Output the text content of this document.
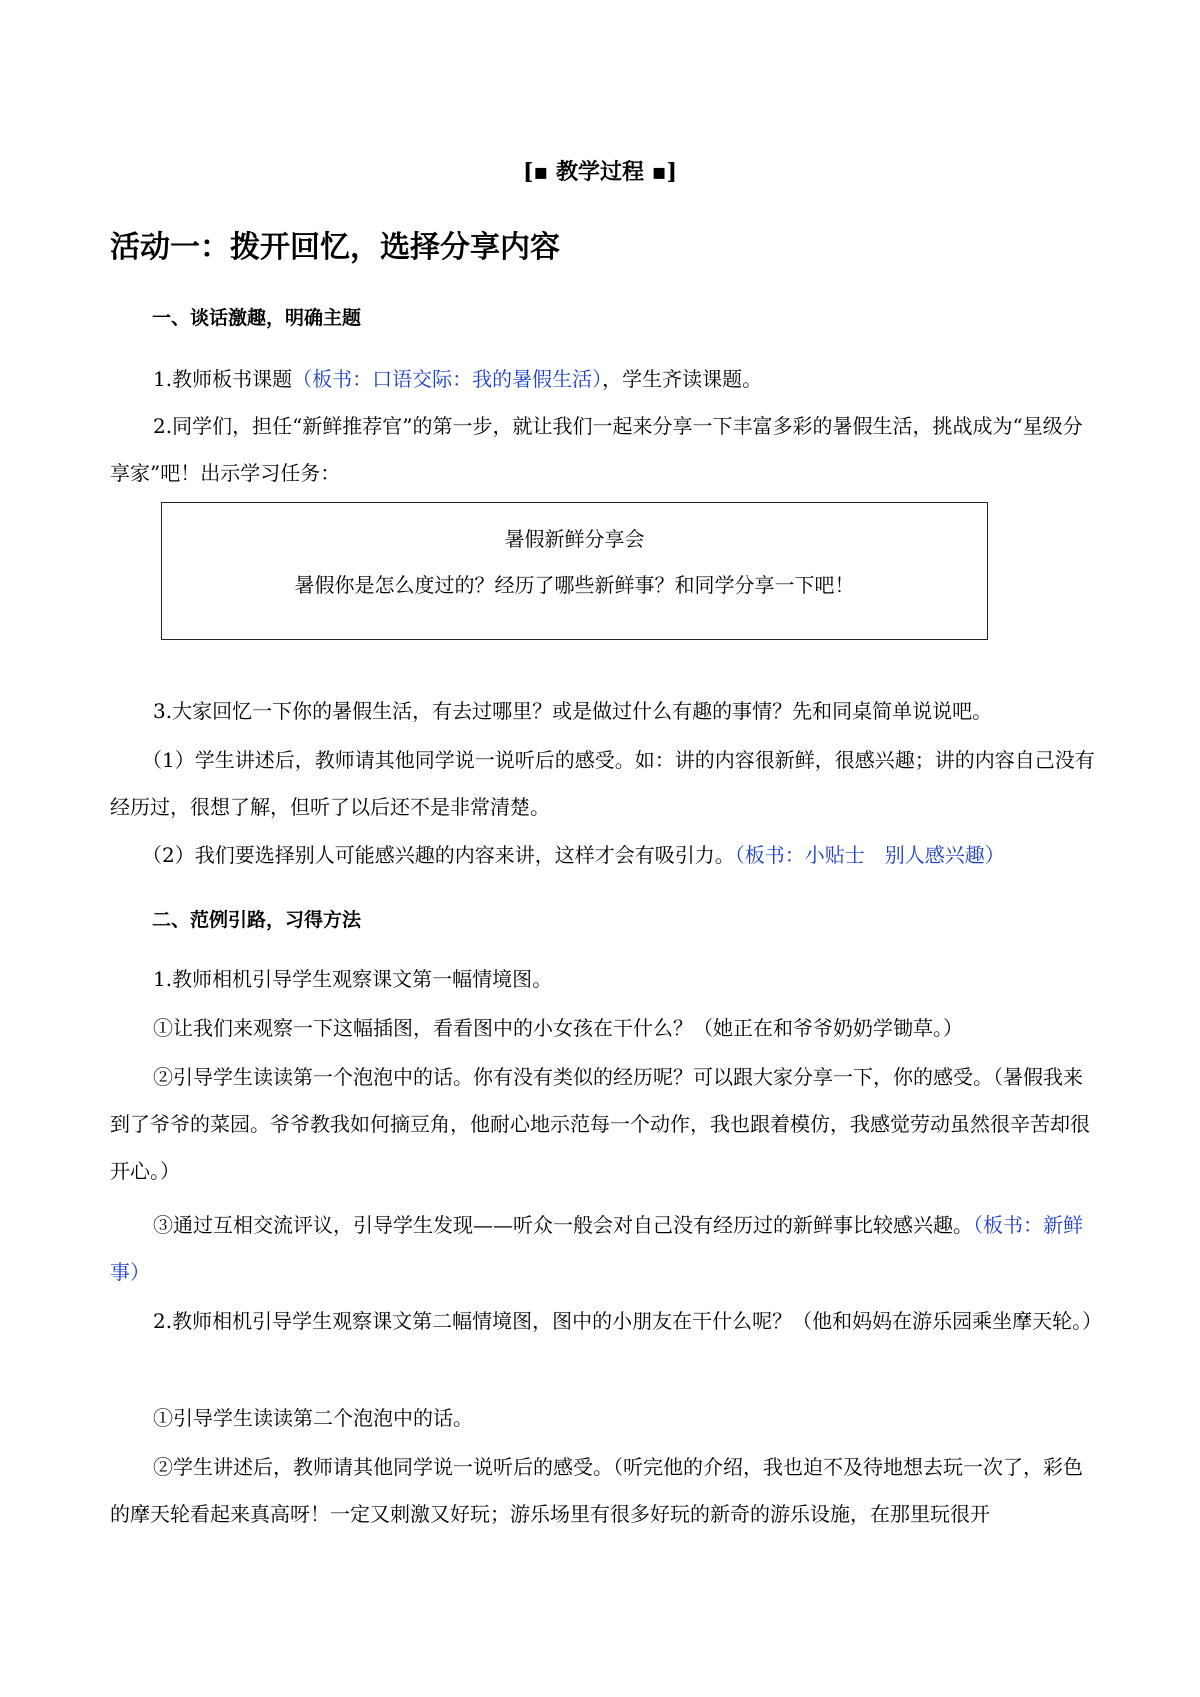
[▪ 教学过程 ▪]
活动一：拨开回忆，选择分享内容
一、谈话激趣，明确主题
1.教师板书课题（板书：口语交际：我的暑假生活），学生齐读课题。
2.同学们，担任“新鲜推荐官”的第一步，就让我们一起来分享一下丰富多彩的暑假生活，挑战成为“星级分享家”吧！出示学习任务：
暑假新鲜分享会
暑假你是怎么度过的？经历了哪些新鲜事？和同学分享一下吧！
3.大家回忆一下你的暑假生活，有去过哪里？或是做过什么有趣的事情？先和同桌简单说说吧。
（1）学生讲述后，教师请其他同学说一说听后的感受。如：讲的内容很新鲜，很感兴趣；讲的内容自己没有经历过，很想了解，但听了以后还不是非常清楚。
（2）我们要选择别人可能感兴趣的内容来讲，这样才会有吸引力。（板书：小贴士　别人感兴趣）
二、范例引路，习得方法
1.教师相机引导学生观察课文第一幅情境图。
①让我们来观察一下这幅插图，看看图中的小女孩在干什么？（她正在和爷爷奶奶学锄草。）
②引导学生读读第一个泡泡中的话。你有没有类似的经历呢？可以跟大家分享一下，你的感受。（暑假我来到了爷爷的菜园。爷爷教我如何摘豆角，他耐心地示范每一个动作，我也跟着模仿，我感觉劳动虽然很辛苦却很开心。）
③通过互相交流评议，引导学生发现——听众一般会对自己没有经历过的新鲜事比较感兴趣。（板书：新鲜事）
2.教师相机引导学生观察课文第二幅情境图，图中的小朋友在干什么呢？（他和妈妈在游乐园乘坐摩天轮。）
①引导学生读读第二个泡泡中的话。
②学生讲述后，教师请其他同学说一说听后的感受。（听完他的介绍，我也迫不及待地想去玩一次了，彩色的摩天轮看起来真高呀！一定又刺激又好玩；游乐场里有很多好玩的新奇的游乐设施，在那里玩很开
